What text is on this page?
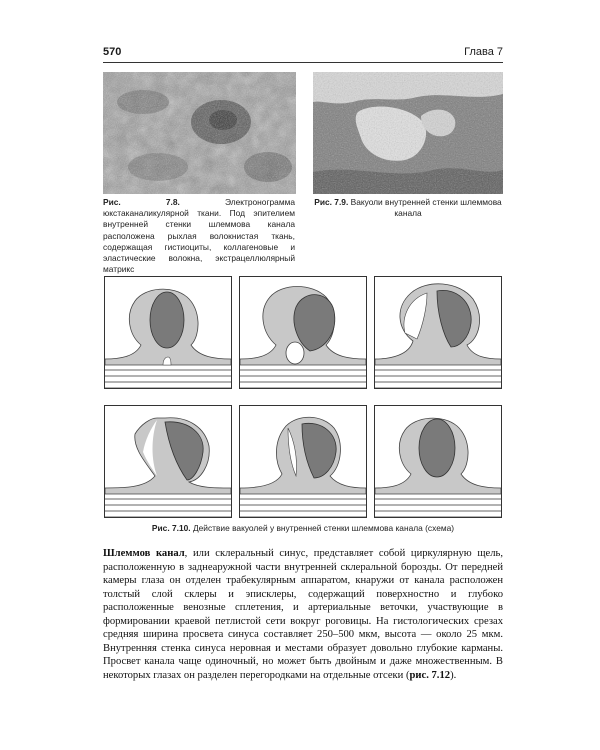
570	Глава 7
Рис. 7.8.	Электронограмма юкстаканаликулярной ткани. Под эпителием внутренней стенки шлеммова канала расположена рыхлая волокнистая ткань, содержащая гистиоциты, коллагеновые и эластические волокна, экстрацеллюлярный матрикс
Рис. 7.9. Вакуоли внутренней стенки шлеммова канала
Рис. 7.10. Действие вакуолей у внутренней стенки шлеммова канала (схема)
Шлеммов канал, или склеральный синус, представляет собой циркулярную щель, расположенную в заднеаружной части внутренней склеральной борозды. От передней камеры глаза он отделен трабекулярным аппаратом, кнаружи от канала расположен толстый слой склеры и эписклеры, содержащий поверхностно и глубоко расположенные венозные сплетения, и артериальные веточки, участвующие в формировании краевой петлистой сети вокруг роговицы. На гистологических срезах средняя ширина просвета синуса составляет 250–500 мкм, высота — около 25 мкм. Внутренняя стенка синуса неровная и местами образует довольно глубокие карманы. Просвет канала чаще одиночный, но может быть двойным и даже множественным. В некоторых глазах он разделен перегородками на отдельные отсеки (рис. 7.12).
